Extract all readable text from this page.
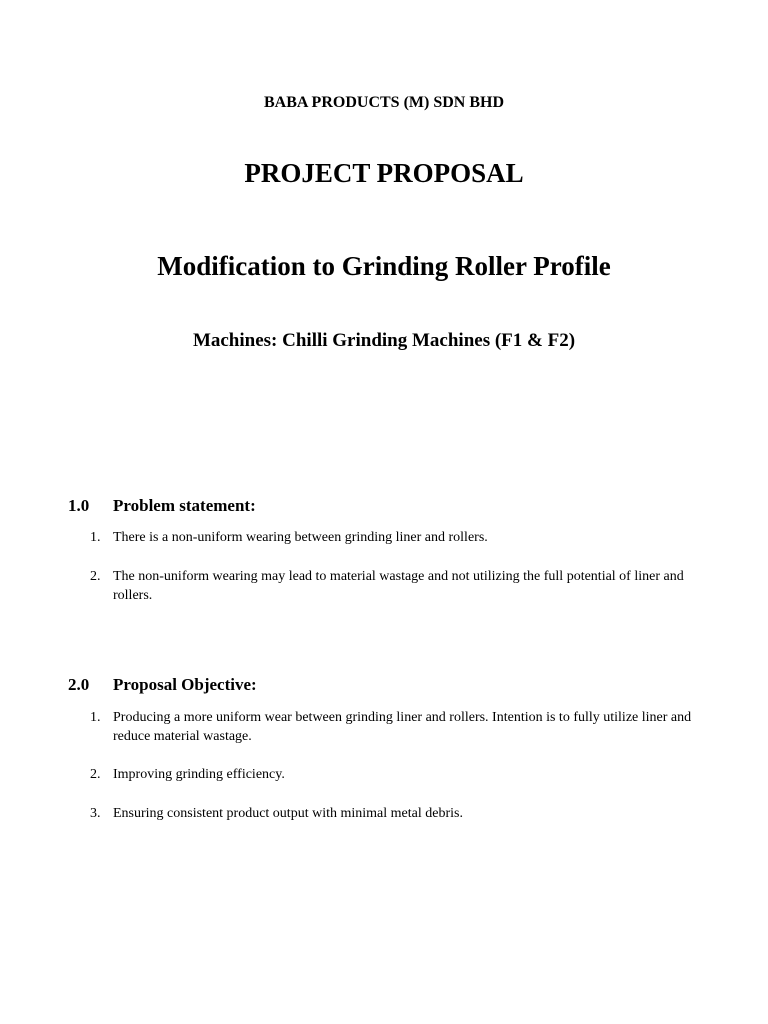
BABA PRODUCTS (M) SDN BHD
PROJECT PROPOSAL
Modification to Grinding Roller Profile
Machines: Chilli Grinding Machines (F1 & F2)
1.0 Problem statement:
1. There is a non-uniform wearing between grinding liner and rollers.
2. The non-uniform wearing may lead to material wastage and not utilizing the full potential of liner and rollers.
2.0 Proposal Objective:
1. Producing a more uniform wear between grinding liner and rollers. Intention is to fully utilize liner and reduce material wastage.
2. Improving grinding efficiency.
3. Ensuring consistent product output with minimal metal debris.
